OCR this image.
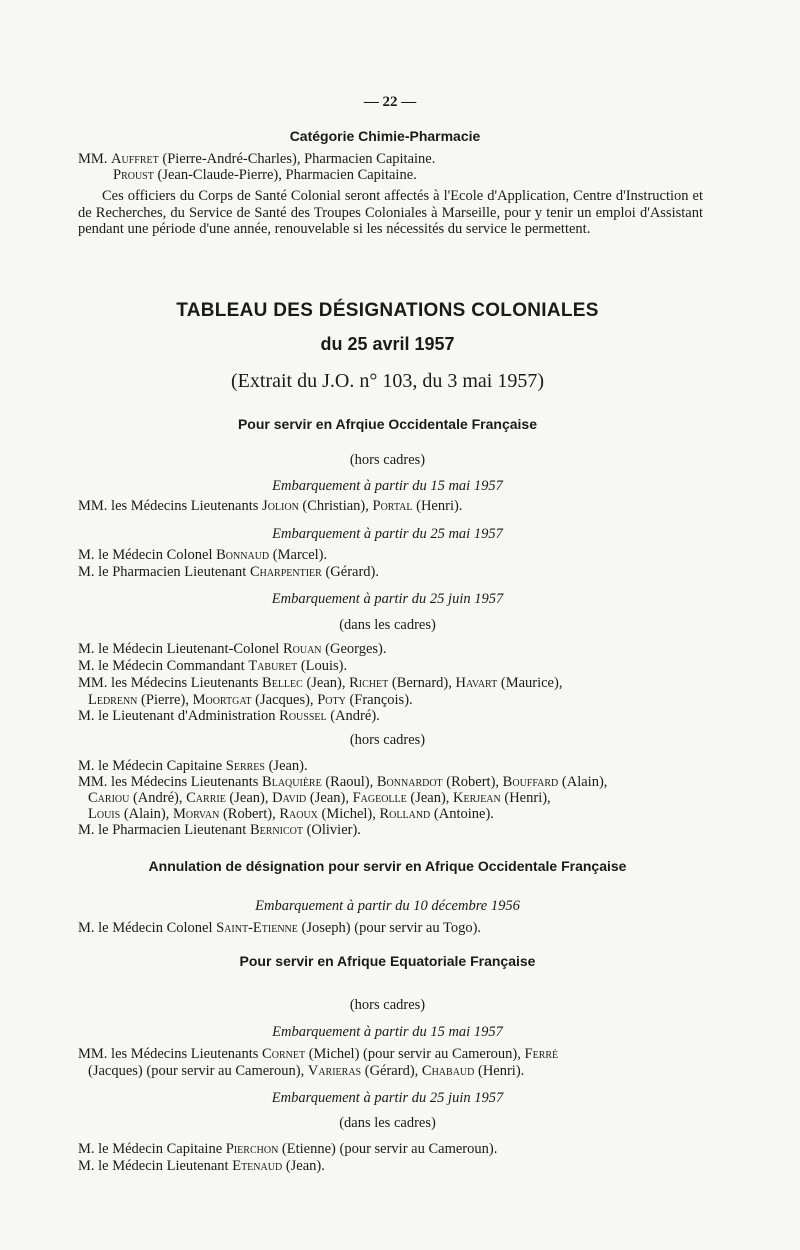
— 22 —
Catégorie Chimie-Pharmacie
MM. Auffret (Pierre-André-Charles), Pharmacien Capitaine.
Proust (Jean-Claude-Pierre), Pharmacien Capitaine.
Ces officiers du Corps de Santé Colonial seront affectés à l'Ecole d'Application, Centre d'Instruction et de Recherches, du Service de Santé des Troupes Coloniales à Marseille, pour y tenir un emploi d'Assistant pendant une période d'une année, renouvelable si les nécessités du service le permettent.
TABLEAU DES DÉSIGNATIONS COLONIALES
du 25 avril 1957
(Extrait du J.O. n° 103, du 3 mai 1957)
Pour servir en Afrqiue Occidentale Française
(hors cadres)
Embarquement à partir du 15 mai 1957
MM. les Médecins Lieutenants Jolion (Christian), Portal (Henri).
Embarquement à partir du 25 mai 1957
M. le Médecin Colonel Bonnaud (Marcel).
M. le Pharmacien Lieutenant Charpentier (Gérard).
Embarquement à partir du 25 juin 1957
(dans les cadres)
M. le Médecin Lieutenant-Colonel Rouan (Georges).
M. le Médecin Commandant Taburet (Louis).
MM. les Médecins Lieutenants Bellec (Jean), Richet (Bernard), Havart (Maurice),
Ledrenn (Pierre), Moortgat (Jacques), Poty (François).
M. le Lieutenant d'Administration Roussel (André).
(hors cadres)
M. le Médecin Capitaine Serres (Jean).
MM. les Médecins Lieutenants Blaquière (Raoul), Bonnardot (Robert), Bouffard (Alain),
Cariou (André), Carrie (Jean), David (Jean), Fageolle (Jean), Kerjean (Henri),
Louis (Alain), Morvan (Robert), Raoux (Michel), Rolland (Antoine).
M. le Pharmacien Lieutenant Bernicot (Olivier).
Annulation de désignation pour servir en Afrique Occidentale Française
Embarquement à partir du 10 décembre 1956
M. le Médecin Colonel Saint-Etienne (Joseph) (pour servir au Togo).
Pour servir en Afrique Equatoriale Française
(hors cadres)
Embarquement à partir du 15 mai 1957
MM. les Médecins Lieutenants Cornet (Michel) (pour servir au Cameroun), Ferré
(Jacques) (pour servir au Cameroun), Varieras (Gérard), Chabaud (Henri).
Embarquement à partir du 25 juin 1957
(dans les cadres)
M. le Médecin Capitaine Pierchon (Etienne) (pour servir au Cameroun).
M. le Médecin Lieutenant Etenaud (Jean).
